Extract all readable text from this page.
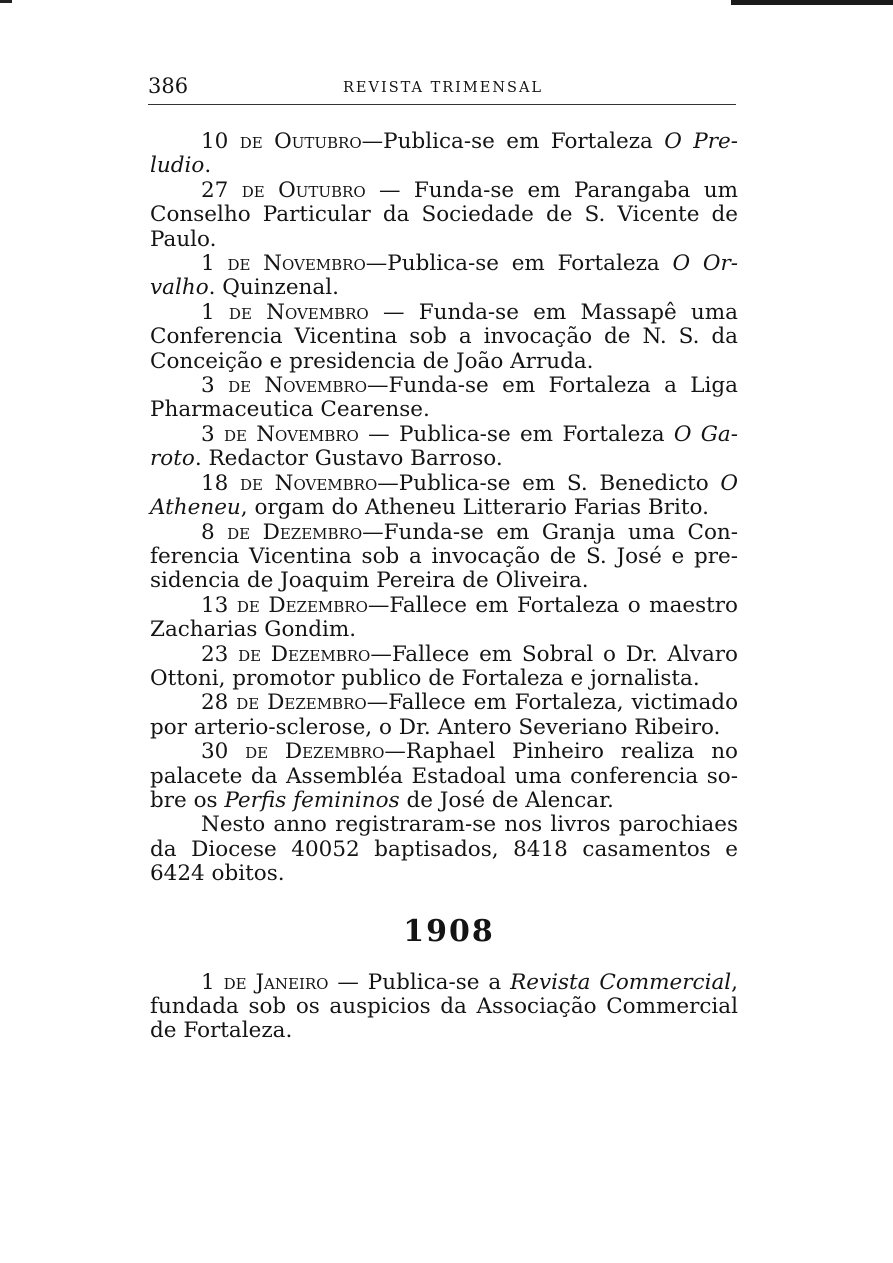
386	REVISTA TRIMENSAL

10 de Outubro—Publica-se em Fortaleza O Preludio.

27 de Outubro — Funda-se em Parangaba um Conselho Particular da Sociedade de S. Vicente de Paulo.

1 de Novembro—Publica-se em Fortaleza O Orvalho. Quinzenal.

1 de Novembro — Funda-se em Massapê uma Conferencia Vicentina sob a invocação de N. S. da Conceição e presidencia de João Arruda.

3 de Novembro—Funda-se em Fortaleza a Liga Pharmaceutica Cearense.

3 de Novembro — Publica-se em Fortaleza O Garoto. Redactor Gustavo Barroso.

18 de Novembro—Publica-se em S. Benedicto O Atheneu, orgam do Atheneu Litterario Farias Brito.

8 de Dezembro—Funda-se em Granja uma Conferencia Vicentina sob a invocação de S. José e presidencia de Joaquim Pereira de Oliveira.

13 de Dezembro—Fallece em Fortaleza o maestro Zacharias Gondim.

23 de Dezembro—Fallece em Sobral o Dr. Alvaro Ottoni, promotor publico de Fortaleza e jornalista.

28 de Dezembro—Fallece em Fortaleza, victimado por arterio-sclerose, o Dr. Antero Severiano Ribeiro.

30 de Dezembro—Raphael Pinheiro realiza no palacete da Assembléa Estadoal uma conferencia sobre os Perfis femininos de José de Alencar.

Nesto anno registraram-se nos livros parochiaes da Diocese 40052 baptisados, 8418 casamentos e 6424 obitos.

1908

1 de Janeiro — Publica-se a Revista Commercial, fundada sob os auspicios da Associação Commercial de Fortaleza.
